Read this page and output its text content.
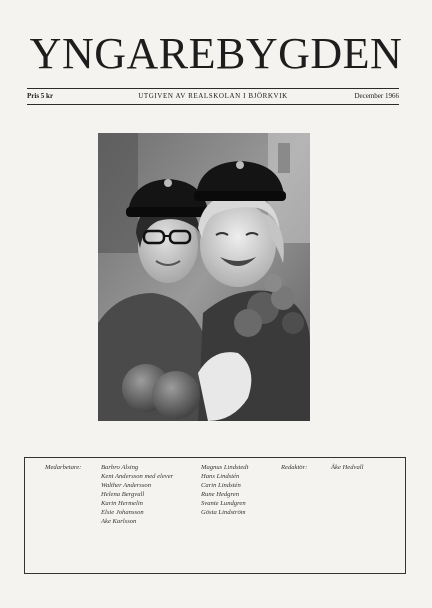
YNGAREBYGDEN
Pris 5 kr	UTGIVEN AV REALSKOLAN I BJÖRKVIK	December 1966
Medarbetare:	Barbro Alsing
Kent Andersson med elever
Walther Andersson
Helena Bergvall
Karin Hermelin
Elsie Johansson
Ake Karlsson
Magnus Lindstedt
Hans Lindstén
Carin Lindstén
Rune Hedgren
Svante Lundgren
Gösta Lindström
Redaktör:	Åke Hedvall
